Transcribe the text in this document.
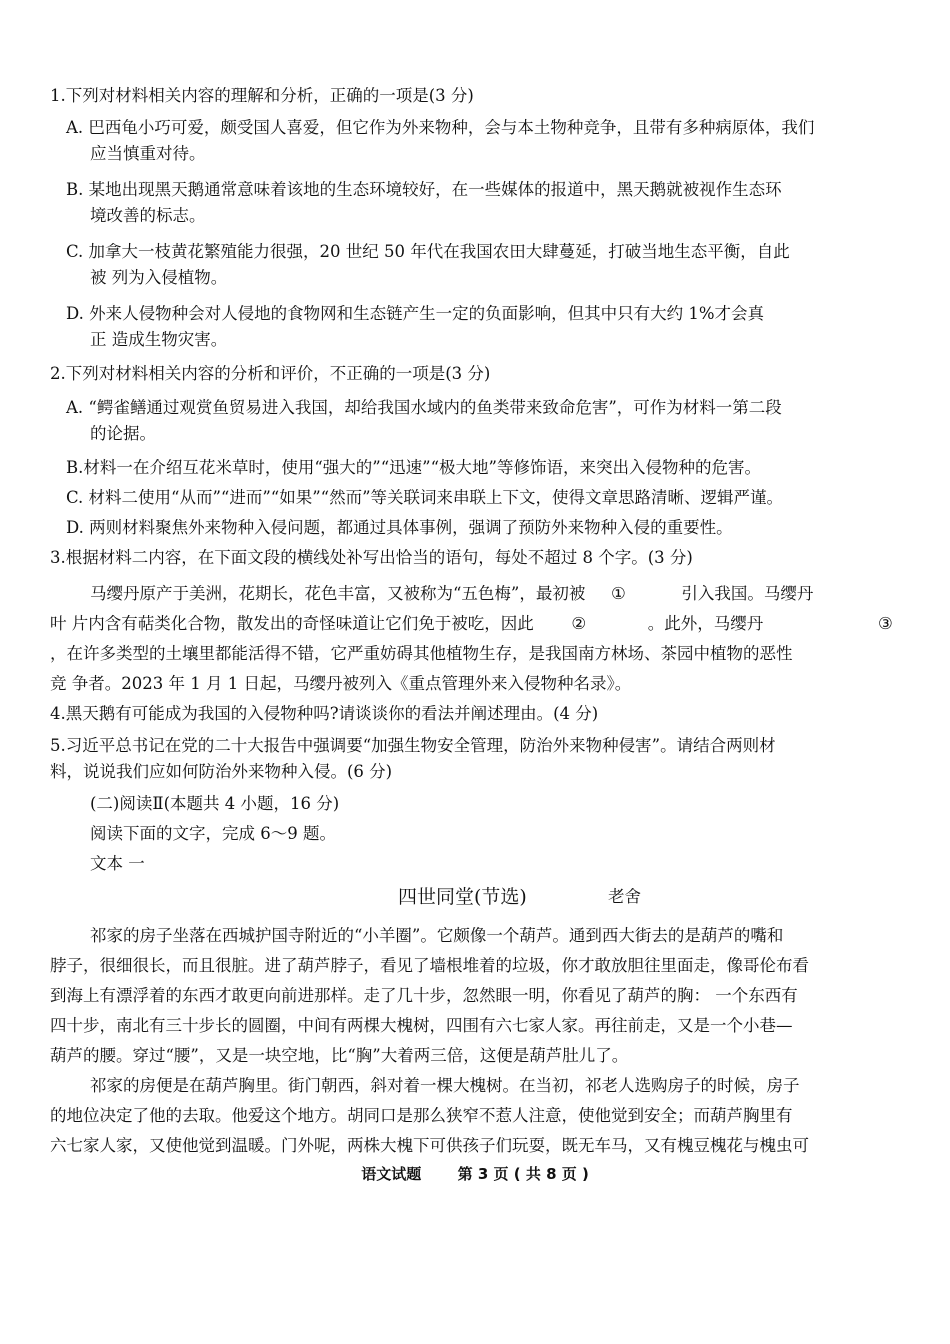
1.下列对材料相关内容的理解和分析，正确的一项是(3 分)
A. 巴西龟小巧可爱，颇受国人喜爱，但它作为外来物种，会与本土物种竞争，且带有多种病原体，我们
应当慎重对待。
B. 某地出现黑天鹅通常意味着该地的生态环境较好，在一些媒体的报道中，黑天鹅就被视作生态环
境改善的标志。
C. 加拿大一枝黄花繁殖能力很强，20 世纪 50 年代在我国农田大肆蔓延，打破当地生态平衡，自此
被 列为入侵植物。
D. 外来人侵物种会对人侵地的食物网和生态链产生一定的负面影响，但其中只有大约 1%才会真
正 造成生物灾害。
2.下列对材料相关内容的分析和评价，不正确的一项是(3 分)
A. “鳄雀鳝通过观赏鱼贸易进入我国，却给我国水域内的鱼类带来致命危害”，可作为材料一第二段
的论据。
B.材料一在介绍互花米草时，使用“强大的”“迅速”“极大地”等修饰语，来突出入侵物种的危害。
C. 材料二使用“从而”“进而”“如果”“然而”等关联词来串联上下文，使得文章思路清晰、逻辑严谨。
D. 两则材料聚焦外来物种入侵问题，都通过具体事例，强调了预防外来物种入侵的重要性。
3.根据材料二内容，在下面文段的横线处补写出恰当的语句，每处不超过 8 个字。(3 分)
马缨丹原产于美洲，花期长，花色丰富，又被称为“五色梅”，最初被 ①	引入我国。马缨丹
叶 片内含有萜类化合物，散发出的奇怪味道让它们免于被吃，因此 ②	。此外，马缨丹	③
，在许多类型的土壤里都能活得不错，它严重妨碍其他植物生存，是我国南方林场、茶园中植物的恶性
竞 争者。2023 年 1 月 1 日起，马缨丹被列入《重点管理外来入侵物种名录》。
4.黑天鹅有可能成为我国的入侵物种吗?请谈谈你的看法并阐述理由。(4 分)
5.习近平总书记在党的二十大报告中强调要“加强生物安全管理，防治外来物种侵害”。请结合两则材
料，说说我们应如何防治外来物种入侵。(6 分)
(二)阅读Ⅱ(本题共 4 小题，16 分)
阅读下面的文字，完成 6～9 题。
文本 一
四世同堂(节选)	老舍
祁家的房子坐落在西城护国寺附近的“小羊圈”。它颇像一个葫芦。通到西大街去的是葫芦的嘴和
脖子，很细很长，而且很脏。进了葫芦脖子，看见了墙根堆着的垃圾，你才敢放胆往里面走，像哥伦布看
到海上有漂浮着的东西才敢更向前进那样。走了几十步，忽然眼一明，你看见了葫芦的胸： 一个东西有
四十步，南北有三十步长的圆圈，中间有两棵大槐树，四围有六七家人家。再往前走，又是一个小巷—
葫芦的腰。穿过“腰”，又是一块空地，比“胸”大着两三倍，这便是葫芦肚儿了。
祁家的房便是在葫芦胸里。街门朝西，斜对着一棵大槐树。在当初，祁老人选购房子的时候，房子
的地位决定了他的去取。他爱这个地方。胡同口是那么狭窄不惹人注意，使他觉到安全；而葫芦胸里有
六七家人家，又使他觉到温暖。门外呢，两株大槐下可供孩子们玩耍，既无车马，又有槐豆槐花与槐虫可
语文试题 第 3 页 ( 共 8 页 )
